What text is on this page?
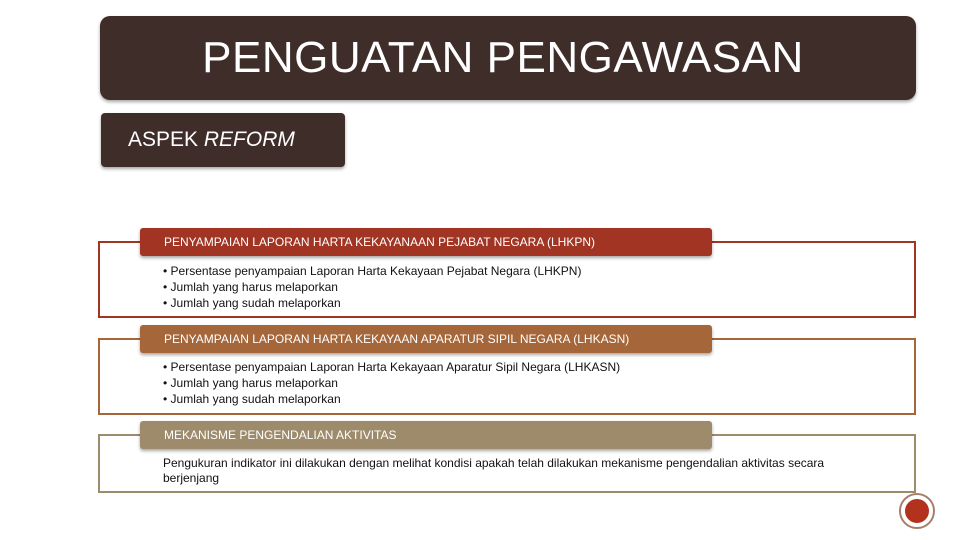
PENGUATAN PENGAWASAN
ASPEK REFORM
PENYAMPAIAN LAPORAN HARTA KEKAYANAAN PEJABAT NEGARA (LHKPN)
• Persentase penyampaian Laporan Harta Kekayaan Pejabat Negara (LHKPN)
• Jumlah yang harus melaporkan
• Jumlah yang sudah melaporkan
PENYAMPAIAN LAPORAN HARTA KEKAYAAN APARATUR SIPIL NEGARA (LHKASN)
• Persentase penyampaian Laporan Harta Kekayaan Aparatur Sipil Negara (LHKASN)
• Jumlah yang harus melaporkan
• Jumlah yang sudah melaporkan
MEKANISME PENGENDALIAN AKTIVITAS
Pengukuran indikator ini dilakukan dengan melihat kondisi apakah telah dilakukan mekanisme pengendalian aktivitas secara berjenjang
